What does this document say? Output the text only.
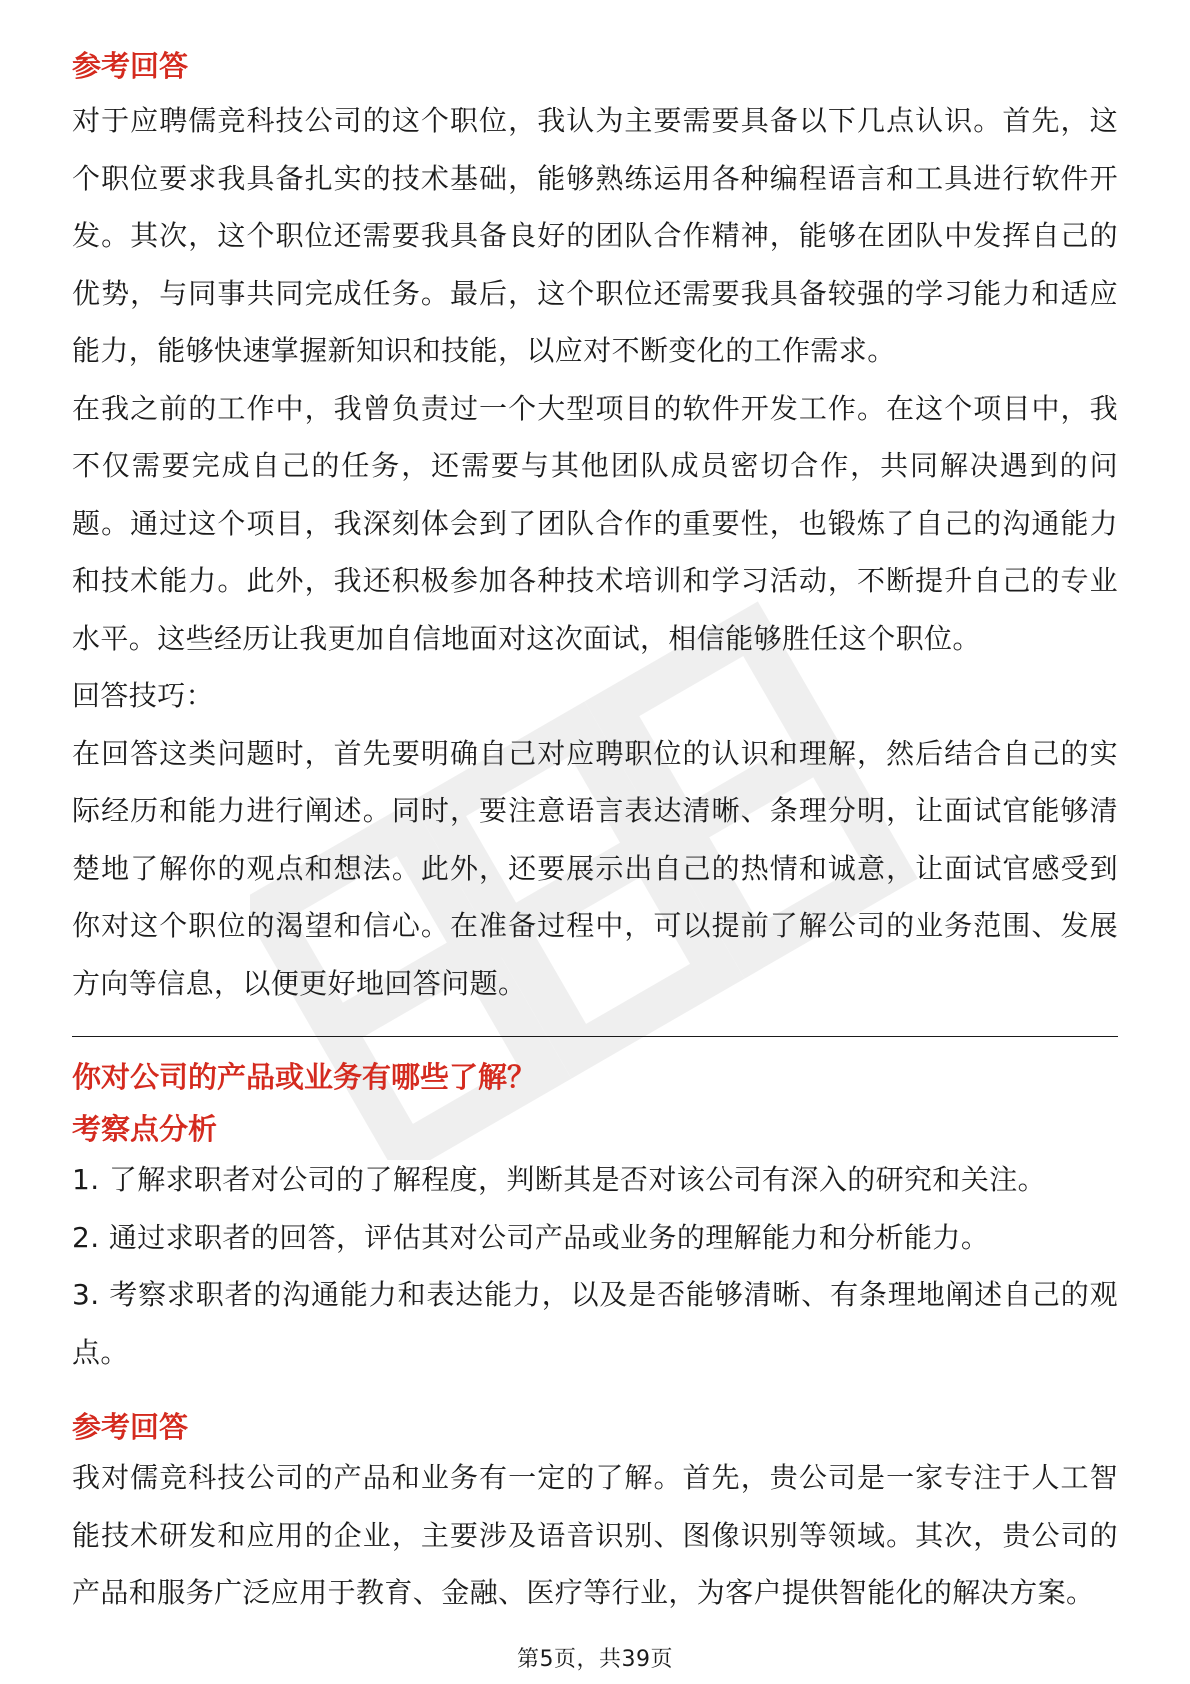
参考回答

对于应聘儒竞科技公司的这个职位，我认为主要需要具备以下几点认识。首先，这个职位要求我具备扎实的技术基础，能够熟练运用各种编程语言和工具进行软件开发。其次，这个职位还需要我具备良好的团队合作精神，能够在团队中发挥自己的优势，与同事共同完成任务。最后，这个职位还需要我具备较强的学习能力和适应能力，能够快速掌握新知识和技能，以应对不断变化的工作需求。

在我之前的工作中，我曾负责过一个大型项目的软件开发工作。在这个项目中，我不仅需要完成自己的任务，还需要与其他团队成员密切合作，共同解决遇到的问题。通过这个项目，我深刻体会到了团队合作的重要性，也锻炼了自己的沟通能力和技术能力。此外，我还积极参加各种技术培训和学习活动，不断提升自己的专业水平。这些经历让我更加自信地面对这次面试，相信能够胜任这个职位。

回答技巧：

在回答这类问题时，首先要明确自己对应聘职位的认识和理解，然后结合自己的实际经历和能力进行阐述。同时，要注意语言表达清晰、条理分明，让面试官能够清楚地了解你的观点和想法。此外，还要展示出自己的热情和诚意，让面试官感受到你对这个职位的渴望和信心。在准备过程中，可以提前了解公司的业务范围、发展方向等信息，以便更好地回答问题。

你对公司的产品或业务有哪些了解？
考察点分析
1. 了解求职者对公司的了解程度，判断其是否对该公司有深入的研究和关注。
2. 通过求职者的回答，评估其对公司产品或业务的理解能力和分析能力。
3. 考察求职者的沟通能力和表达能力，以及是否能够清晰、有条理地阐述自己的观点。
参考回答

我对儒竞科技公司的产品和业务有一定的了解。首先，贵公司是一家专注于人工智能技术研发和应用的企业，主要涉及语音识别、图像识别等领域。其次，贵公司的产品和服务广泛应用于教育、金融、医疗等行业，为客户提供智能化的解决方案。

第5页，共39页
